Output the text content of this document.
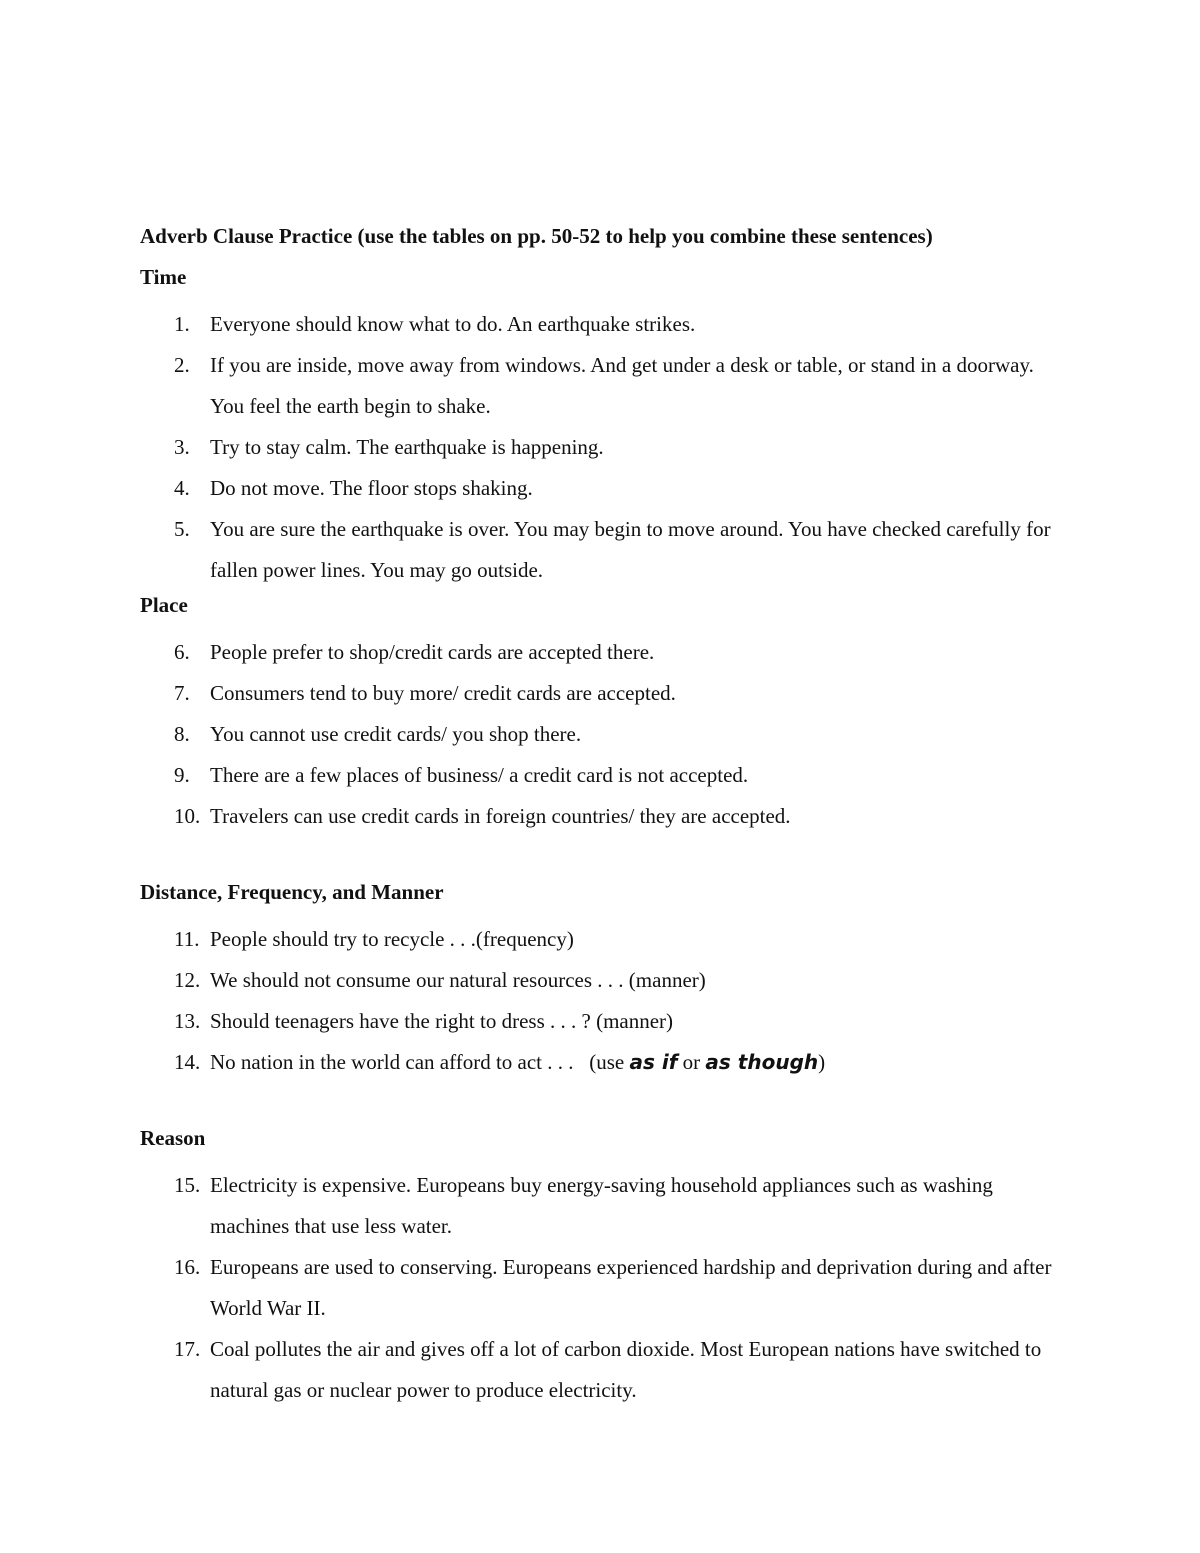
Adverb Clause Practice (use the tables on pp. 50-52 to help you combine these sentences)
Time
1. Everyone should know what to do. An earthquake strikes.
2. If you are inside, move away from windows. And get under a desk or table, or stand in a doorway. You feel the earth begin to shake.
3. Try to stay calm. The earthquake is happening.
4. Do not move. The floor stops shaking.
5. You are sure the earthquake is over. You may begin to move around. You have checked carefully for fallen power lines. You may go outside.
Place
6. People prefer to shop/credit cards are accepted there.
7. Consumers tend to buy more/ credit cards are accepted.
8. You cannot use credit cards/ you shop there.
9. There are a few places of business/ a credit card is not accepted.
10. Travelers can use credit cards in foreign countries/ they are accepted.
Distance, Frequency, and Manner
11. People should try to recycle . . .(frequency)
12. We should not consume our natural resources . . . (manner)
13. Should teenagers have the right to dress . . . ? (manner)
14. No nation in the world can afford to act . . .   (use as if or as though)
Reason
15. Electricity is expensive. Europeans buy energy-saving household appliances such as washing machines that use less water.
16. Europeans are used to conserving. Europeans experienced hardship and deprivation during and after World War II.
17. Coal pollutes the air and gives off a lot of carbon dioxide. Most European nations have switched to natural gas or nuclear power to produce electricity.
